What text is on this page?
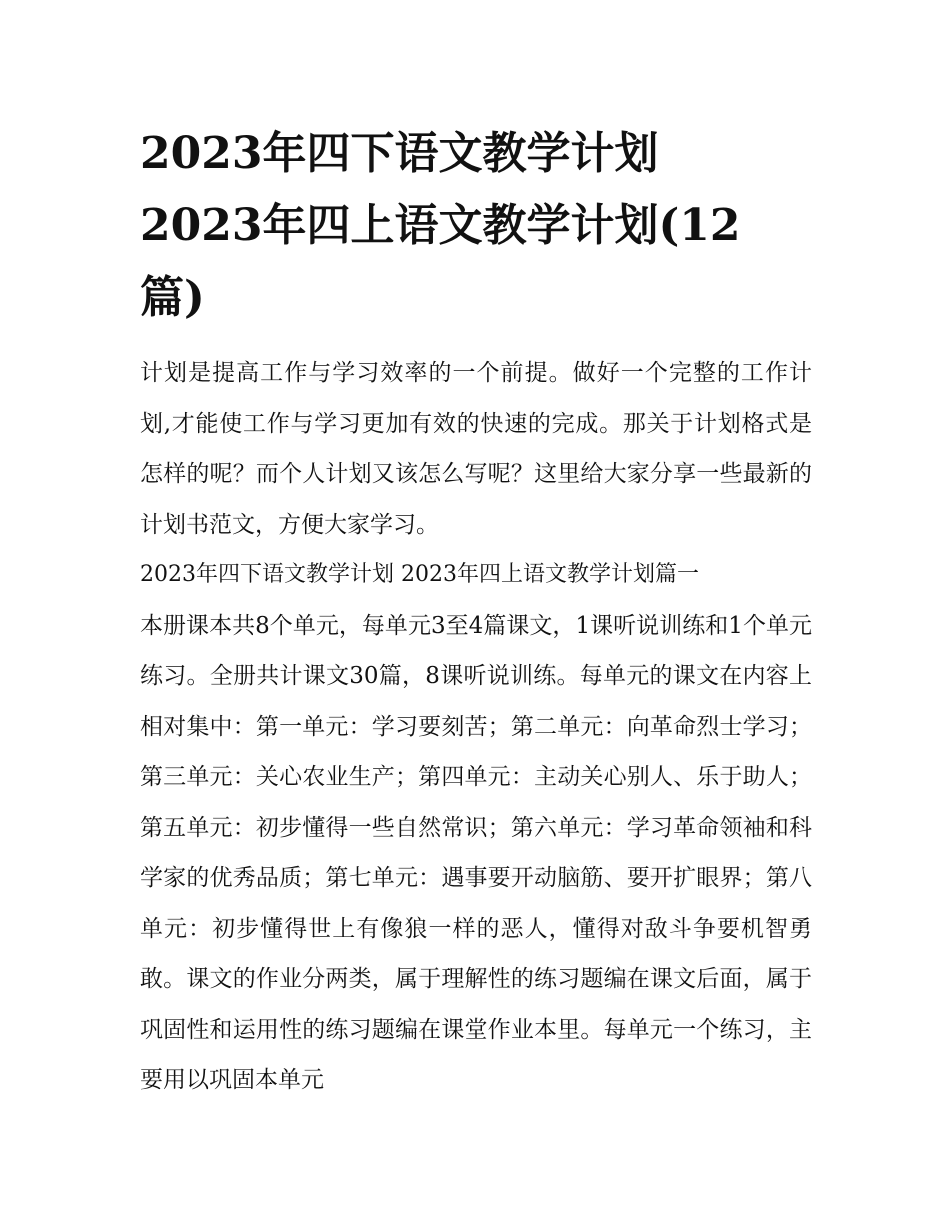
2023年四下语文教学计划
2023年四上语文教学计划(12
篇)

计划是提高工作与学习效率的一个前提。做好一个完整的工作计划,才能使工作与学习更加有效的快速的完成。那关于计划格式是怎样的呢？而个人计划又该怎么写呢？这里给大家分享一些最新的计划书范文，方便大家学习。

2023年四下语文教学计划 2023年四上语文教学计划篇一

本册课本共8个单元，每单元3至4篇课文，1课听说训练和1个单元练习。全册共计课文30篇，8课听说训练。每单元的课文在内容上相对集中：第一单元：学习要刻苦；第二单元：向革命烈士学习；第三单元：关心农业生产；第四单元：主动关心别人、乐于助人；第五单元：初步懂得一些自然常识；第六单元：学习革命领袖和科学家的优秀品质；第七单元：遇事要开动脑筋、要开扩眼界；第八单元：初步懂得世上有像狼一样的恶人，懂得对敌斗争要机智勇敢。课文的作业分两类，属于理解性的练习题编在课文后面，属于巩固性和运用性的练习题编在课堂作业本里。每单元一个练习，主要用以巩固本单元
